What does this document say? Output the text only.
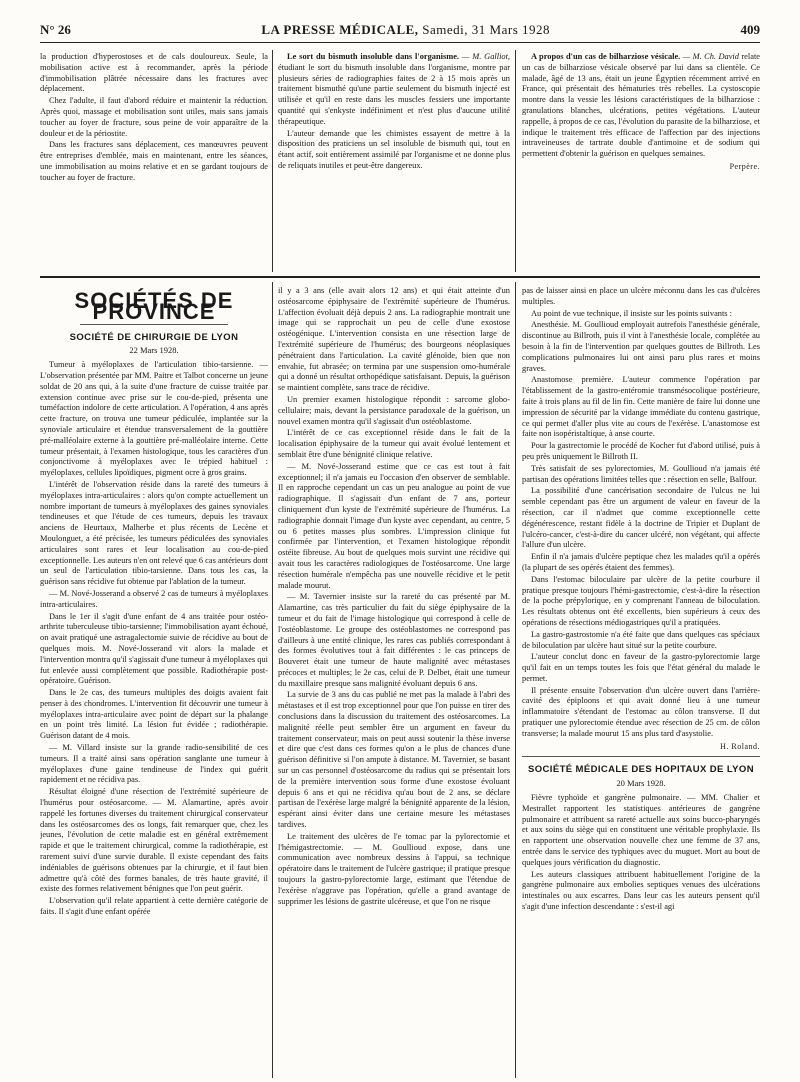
N° 26	LA PRESSE MÉDICALE, Samedi, 31 Mars 1928	409

la production d'hyperostoses et de cals douloureux. Seule, la mobilisation active est à recommander, après la période d'immobilisation plâtrée nécessaire dans les fractures avec déplacement.

Chez l'adulte, il faut d'abord réduire et maintenir la réduction. Après quoi, massage et mobilisation sont utiles, mais sans jamais toucher au foyer de fracture, sous peine de voir apparaître de la douleur et de la périostite.

Dans les fractures sans déplacement, ces manœuvres peuvent être entreprises d'emblée, mais en maintenant, entre les séances, une immobilisation au moins relative et en se gardant toujours de toucher au foyer de fracture.

Le sort du bismuth insoluble dans l'organisme. — M. Galliot, étudiant le sort du bismuth insoluble dans l'organisme, montre par plusieurs séries de radiographies faites de 2 à 15 mois après un traitement bismuthé qu'une partie seulement du bismuth injecté est utilisée et qu'il en reste dans les muscles fessiers une importante quantité qui s'enkyste indéfiniment et n'est plus d'aucune utilité thérapeutique.

L'auteur demande que les chimistes essayent de mettre à la disposition des praticiens un sel insoluble de bismuth qui, tout en étant actif, soit entièrement assimilé par l'organisme et ne donne plus de reliquats inutiles et peut-être dangereux.

A propos d'un cas de bilharziose vésicale. — M. Ch. David relate un cas de bilharziose vésicale observé par lui dans sa clientèle. Ce malade, âgé de 13 ans, était un jeune Égyptien récemment arrivé en France, qui présentait des hématuries très rebelles. La cystoscopie montre dans la vessie les lésions caractéristiques de la bilharziose : granulations blanches, ulcérations, petites végétations. L'auteur rappelle, à propos de ce cas, l'évolution du parasite de la bilharziose, et indique le traitement très efficace de l'affection par des injections intraveineuses de tartrate double d'antimoine et de sodium qui permettent d'obtenir la guérison en quelques semaines.

Perpère.
SOCIÉTÉS DE PROVINCE
SOCIÉTÉ DE CHIRURGIE DE LYON
22 Mars 1928.

Tumeur à myéloplaxes de l'articulation tibio-tarsienne. — L'observation présentée par MM. Paitre et Talbot concerne un jeune soldat de 20 ans qui, à la suite d'une fracture de cuisse traitée par extension continue avec prise sur le cou-de-pied, présenta une tuméfaction indolore de cette articulation. A l'opération, 4 ans après cette fracture, on trouva une tumeur pédiculée, implantée sur la synoviale articulaire et étendue transversalement de la gouttière pré-malléolaire externe à la gouttière pré-malléolaire interne. Cette tumeur présentait, à l'examen histologique, tous les caractères d'un conjonctivome à myéloplaxes avec le trépied habituel : myéloplaxes, cellules lipoïdiques, pigment ocre à gros grains.

L'intérêt de l'observation réside dans la rareté des tumeurs à myéloplaxes intra-articulaires : alors qu'on compte actuellement un nombre important de tumeurs à myéloplaxes des gaines synoviales tendineuses et que l'étude de ces tumeurs, depuis les travaux anciens de Heurtaux, Malherbe et plus récents de Lecène et Moulonguet, a été précisée, les tumeurs pédiculées des synoviales articulaires sont rares et leur localisation au cou-de-pied exceptionnelle. Les auteurs n'en ont relevé que 6 cas antérieurs dont un seul de l'articulation tibio-tarsienne. Dans tous les cas, la guérison sans récidive fut obtenue par l'ablation de la tumeur.

— M. Nové-Josserand a observé 2 cas de tumeurs à myéloplaxes intra-articulaires.

Dans le 1er il s'agit d'une enfant de 4 ans traitée pour ostéo-arthrite tuberculeuse tibio-tarsienne; l'immobilisation ayant échoué, on avait pratiqué une astragalectomie suivie de récidive au bout de quelques mois. M. Nové-Josserand vit alors la malade et l'intervention montra qu'il s'agissait d'une tumeur à myéloplaxes qui fut enlevée aussi complètement que possible. Radiothérapie post-opératoire. Guérison.

Dans le 2e cas, des tumeurs multiples des doigts avaient fait penser à des chondromes. L'intervention fit découvrir une tumeur à myéloplaxes intra-articulaire avec point de départ sur la phalange en un point très limité. La lésion fut évidée ; radiothérapie. Guérison datant de 4 mois.

— M. Villard insiste sur la grande radio-sensibilité de ces tumeurs. Il a traité ainsi sans opération sanglante une tumeur à myéloplaxes d'une gaine tendineuse de l'index qui guérit rapidement et ne récidiva pas.

Résultat éloigné d'une résection de l'extrémité supérieure de l'humérus pour ostéosarcome. — M. Alamartine, après avoir rappelé les fortunes diverses du traitement chirurgical conservateur dans les ostéosarcomes des os longs, fait remarquer que, chez les jeunes, l'évolution de cette maladie est en général extrêmement rapide et que le traitement chirurgical, comme la radiothérapie, est rarement suivi d'une survie durable. Il existe cependant des faits indéniables de guérisons obtenues par la chirurgie, et il faut bien admettre qu'à côté des formes banales, de très haute gravité, il existe des formes relativement bénignes que l'on peut guérir.

L'observation qu'il relate appartient à cette dernière catégorie de faits. Il s'agit d'une enfant opérée

il y a 3 ans (elle avait alors 12 ans) et qui était atteinte d'un ostéosarcome épiphysaire de l'extrémité supérieure de l'humérus. L'affection évoluait déjà depuis 2 ans. La radiographie montrait une image qui se rapprochait un peu de celle d'une exostose ostéogénique. L'intervention consista en une résection large de l'extrémité supérieure de l'humérus; des bourgeons néoplasiques pénétraient dans l'articulation. La cavité glénoïde, bien que non envahie, fut abrasée; on termina par une suspension omo-humérale qui a donné un résultat orthopédique satisfaisant. Depuis, la guérison se maintient complète, sans trace de récidive.

Un premier examen histologique répondit : sarcome globo-cellulaire; mais, devant la persistance paradoxale de la guérison, un nouvel examen montra qu'il s'agissait d'un ostéoblastome.

L'intérêt de ce cas exceptionnel réside dans le fait de la localisation épiphysaire de la tumeur qui avait évolué lentement et semblait être d'une bénignité clinique relative.

— M. Nové-Josserand estime que ce cas est tout à fait exceptionnel; il n'a jamais eu l'occasion d'en observer de semblable. Il en rapproche cependant un cas un peu analogue au point de vue radiographique. Il s'agissait d'un enfant de 7 ans, porteur cliniquement d'un kyste de l'extrémité supérieure de l'humérus. La radiographie donnait l'image d'un kyste avec cependant, au centre, 5 ou 6 petites masses plus sombres. L'impression clinique fut confirmée par l'intervention, et l'examen histologique répondit ostéite fibreuse. Au bout de quelques mois survint une récidive qui avait tous les caractères radiologiques de l'ostéosarcome. Une large résection humérale n'empêcha pas une nouvelle récidive et le petit malade mourut.

— M. Tavernier insiste sur la rareté du cas présenté par M. Alamartine, cas très particulier du fait du siège épiphysaire de la tumeur et du fait de l'image histologique qui correspond à celle de l'ostéoblastome. Le groupe des ostéoblastomes ne correspond pas d'ailleurs à une entité clinique, les rares cas publiés correspondant à des formes évolutives tout à fait différentes : le cas princeps de Bouveret était une tumeur de haute malignité avec métastases précoces et multiples; le 2e cas, celui de P. Delbet, était une tumeur du maxillaire presque sans malignité évoluant depuis 6 ans.

La survie de 3 ans du cas publié ne met pas la malade à l'abri des métastases et il est trop exceptionnel pour que l'on puisse en tirer des conclusions dans la discussion du traitement des ostéosarcomes. La malignité réelle peut sembler être un argument en faveur du traitement conservateur, mais on peut aussi soutenir la thèse inverse et dire que c'est dans ces formes qu'on a le plus de chances d'une guérison définitive si l'on ampute à distance. M. Tavernier, se basant sur un cas personnel d'ostéosarcome du radius qui se présentait lors de la première intervention sous forme d'une exostose évoluant depuis 6 ans et qui ne récidiva qu'au bout de 2 ans, se déclare partisan de l'exérèse large malgré la bénignité apparente de la lésion, espérant ainsi éviter dans une certaine mesure les métastases tardives.

Le traitement des ulcères de l'e tomac par la pylorectomie et l'hémigastrectomie. — M. Goullioud expose, dans une communication avec nombreux dessins à l'appui, sa technique opératoire dans le traitement de l'ulcère gastrique; il pratique presque toujours la gastro-pylorectomie large, estimant que l'étendue de l'exérèse n'aggrave pas l'opération, qu'elle a grand avantage de supprimer les lésions de gastrite ulcéreuse, et que l'on ne risque

pas de laisser ainsi en place un ulcère méconnu dans les cas d'ulcères multiples.

Au point de vue technique, il insiste sur les points suivants :

Anesthésie. M. Goullioud employait autrefois l'anesthésie générale, discontinue au Billroth, puis il vint à l'anesthésie locale, complétée au besoin à la fin de l'intervention par quelques gouttes de Billroth. Les complications pulmonaires lui ont ainsi paru plus rares et moins graves.

Anastomose première. L'auteur commence l'opération par l'établissement de la gastro-entéromie transmésocolique postérieure, faite à trois plans au fil de lin fin. Cette manière de faire lui donne une impression de sécurité par la vidange immédiate du contenu gastrique, ce qui permet d'aller plus vite au cours de l'exérèse. L'anastomose est faite non isopéristaltique, à anse courte.

Pour la gastrectomie le procédé de Kocher fut d'abord utilisé, puis à peu près uniquement le Billroth II.

Très satisfait de ses pylorectomies, M. Goullioud n'a jamais été partisan des opérations limitées telles que : résection en selle, Balfour.

La possibilité d'une cancérisation secondaire de l'ulcus ne lui semble cependant pas être un argument de valeur en faveur de la résection, car il n'admet que comme exceptionnelle cette dégénérescence, restant fidèle à la doctrine de Tripier et Duplant de l'ulcéro-cancer, c'est-à-dire du cancer ulcéré, non végétant, qui affecte l'allure d'un ulcère.

Enfin il n'a jamais d'ulcère peptique chez les malades qu'il a opérés (la plupart de ses opérés étaient des femmes).

Dans l'estomac biloculaire par ulcère de la petite courbure il pratique presque toujours l'hémi-gastrectomie, c'est-à-dire la résection de la poche prépylorique, en y comprenant l'anneau de biloculation. Les résultats obtenus ont été excellents, bien supérieurs à ceux des opérations de résections médiogastriques qu'il a pratiquées.

La gastro-gastrostomie n'a été faite que dans quelques cas spéciaux de biloculation par ulcère haut situé sur la petite courbure.

L'auteur conclut donc en faveur de la gastro-pylorectomie large qu'il fait en un temps toutes les fois que l'état général du malade le permet.

Il présente ensuite l'observation d'un ulcère ouvert dans l'arrière-cavité des épiploons et qui avait donné lieu à une tumeur inflammatoire s'étendant de l'estomac au côlon transverse. Il dut pratiquer une pylorectomie étendue avec résection de 25 cm. de côlon transverse; la malade mourut 15 ans plus tard d'asystolie.

H. Roland.
SOCIÉTÉ MÉDICALE DES HOPITAUX DE LYON
20 Mars 1928.

Fièvre typhoïde et gangrène pulmonaire. — MM. Chalier et Mestrallet rapportent les statistiques antérieures de gangrène pulmonaire et attribuent sa rareté actuelle aux soins bucco-pharyngés et aux soins du siège qui en constituent une véritable prophylaxie. Ils en rapportent une observation nouvelle chez une femme de 37 ans, entrée dans le service des typhiques avec du muguet. Mort au bout de quelques jours vérification du diagnostic.

Les auteurs classiques attribuent habituellement l'origine de la gangrène pulmonaire aux embolies septiques venues des ulcérations intestinales ou aux escarres. Dans leur cas les auteurs pensent qu'il s'agit d'une infection descendante : s'est-il agi
